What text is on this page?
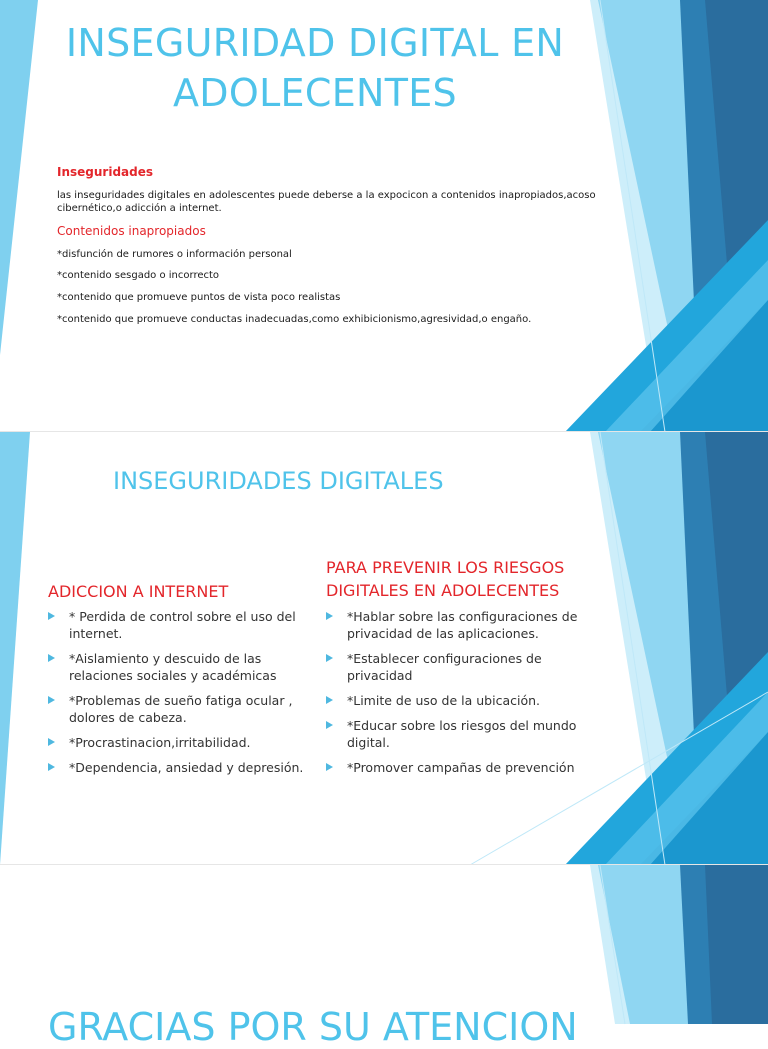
INSEGURIDAD DIGITAL EN
ADOLECENTES
Inseguridades
las inseguridades digitales en adolescentes puede deberse a la expocicon a contenidos inapropiados,acoso cibernético,o adicción a internet.
Contenidos inapropiados
*disfunción de rumores o información personal
*contenido sesgado o incorrecto
*contenido que promueve puntos de vista poco realistas
*contenido que promueve conductas inadecuadas,como exhibicionismo,agresividad,o engaño.
INSEGURIDADES DIGITALES
ADICCION A INTERNET
* Perdida de control sobre el uso del internet.
*Aislamiento y descuido de las relaciones sociales y académicas
*Problemas de sueño fatiga ocular , dolores de cabeza.
*Procrastinacion,irritabilidad.
*Dependencia, ansiedad y depresión.
PARA PREVENIR LOS RIESGOS
DIGITALES EN ADOLECENTES
*Hablar sobre las configuraciones de privacidad de las aplicaciones.
*Establecer configuraciones de privacidad
*Limite de uso de la ubicación.
*Educar sobre los riesgos del mundo digital.
*Promover campañas de prevención
GRACIAS POR SU ATENCION
